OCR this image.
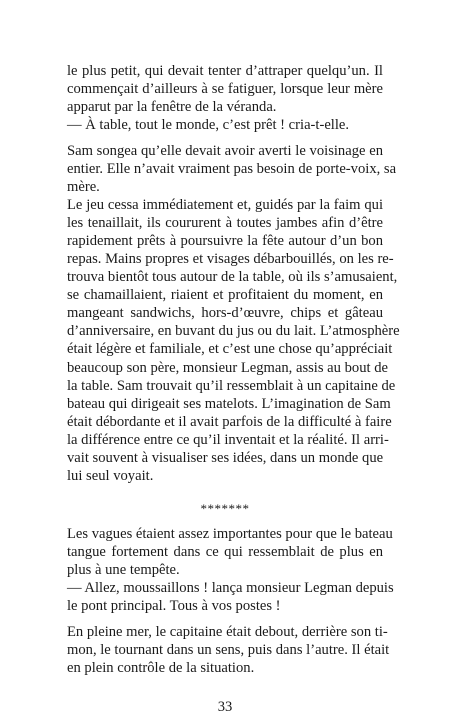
le plus petit, qui devait tenter d’attraper quelqu’un. Il
commençait d’ailleurs à se fatiguer, lorsque leur mère
apparut par la fenêtre de la véranda.
— À table, tout le monde, c’est prêt ! cria-t-elle.
Sam songea qu’elle devait avoir averti le voisinage en
entier. Elle n’avait vraiment pas besoin de porte-voix, sa
mère.
Le jeu cessa immédiatement et, guidés par la faim qui
les tenaillait, ils coururent à toutes jambes afin d’être
rapidement prêts à poursuivre la fête autour d’un bon
repas. Mains propres et visages débarbouillés, on les re-
trouva bientôt tous autour de la table, où ils s’amusaient,
se chamaillaient, riaient et profitaient du moment, en
mangeant sandwichs, hors-d’œuvre, chips et gâteau
d’anniversaire, en buvant du jus ou du lait. L’atmosphère
était légère et familiale, et c’est une chose qu’appréciait
beaucoup son père, monsieur Legman, assis au bout de
la table. Sam trouvait qu’il ressemblait à un capitaine de
bateau qui dirigeait ses matelots. L’imagination de Sam
était débordante et il avait parfois de la difficulté à faire
la différence entre ce qu’il inventait et la réalité. Il arri-
vait souvent à visualiser ses idées, dans un monde que
lui seul voyait.
*******
Les vagues étaient assez importantes pour que le bateau
tangue fortement dans ce qui ressemblait de plus en
plus à une tempête.
— Allez, moussaillons ! lança monsieur Legman depuis
le pont principal. Tous à vos postes !
En pleine mer, le capitaine était debout, derrière son ti-
mon, le tournant dans un sens, puis dans l’autre. Il était
en plein contrôle de la situation.
33
